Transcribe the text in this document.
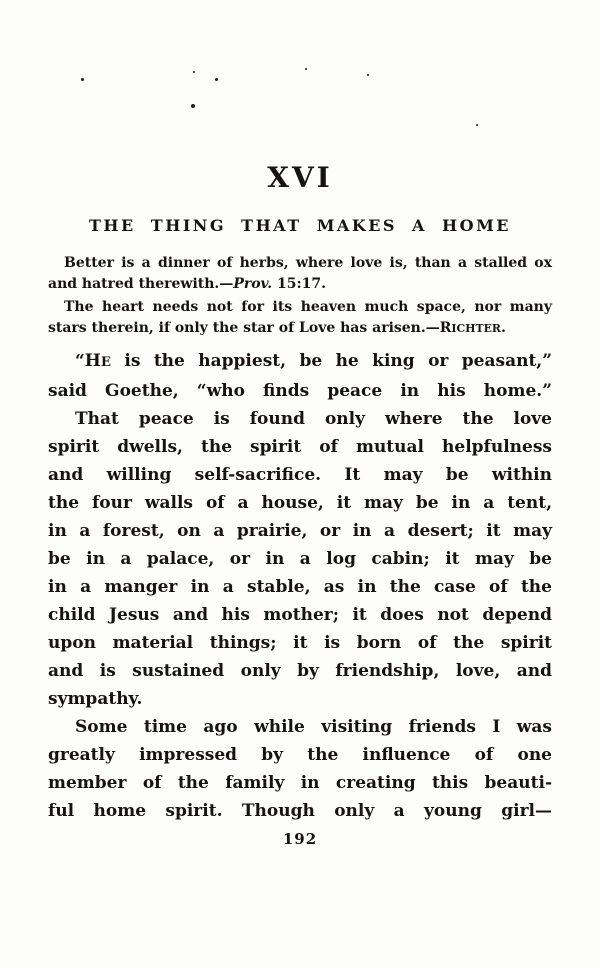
XVI
THE THING THAT MAKES A HOME
Better is a dinner of herbs, where love is, than a stalled ox
and hatred therewith.—Prov. 15:17.
The heart needs not for its heaven much space, nor many
stars therein, if only the star of Love has arisen.—RICHTER.
“HE is the happiest, be he king or peasant,”
said Goethe, “who finds peace in his home.”
That peace is found only where the love
spirit dwells, the spirit of mutual helpfulness
and willing self-sacrifice. It may be within
the four walls of a house, it may be in a tent,
in a forest, on a prairie, or in a desert; it may
be in a palace, or in a log cabin; it may be
in a manger in a stable, as in the case of the
child Jesus and his mother; it does not depend
upon material things; it is born of the spirit
and is sustained only by friendship, love, and
sympathy.
Some time ago while visiting friends I was
greatly impressed by the influence of one
member of the family in creating this beauti-
ful home spirit. Though only a young girl—
192
